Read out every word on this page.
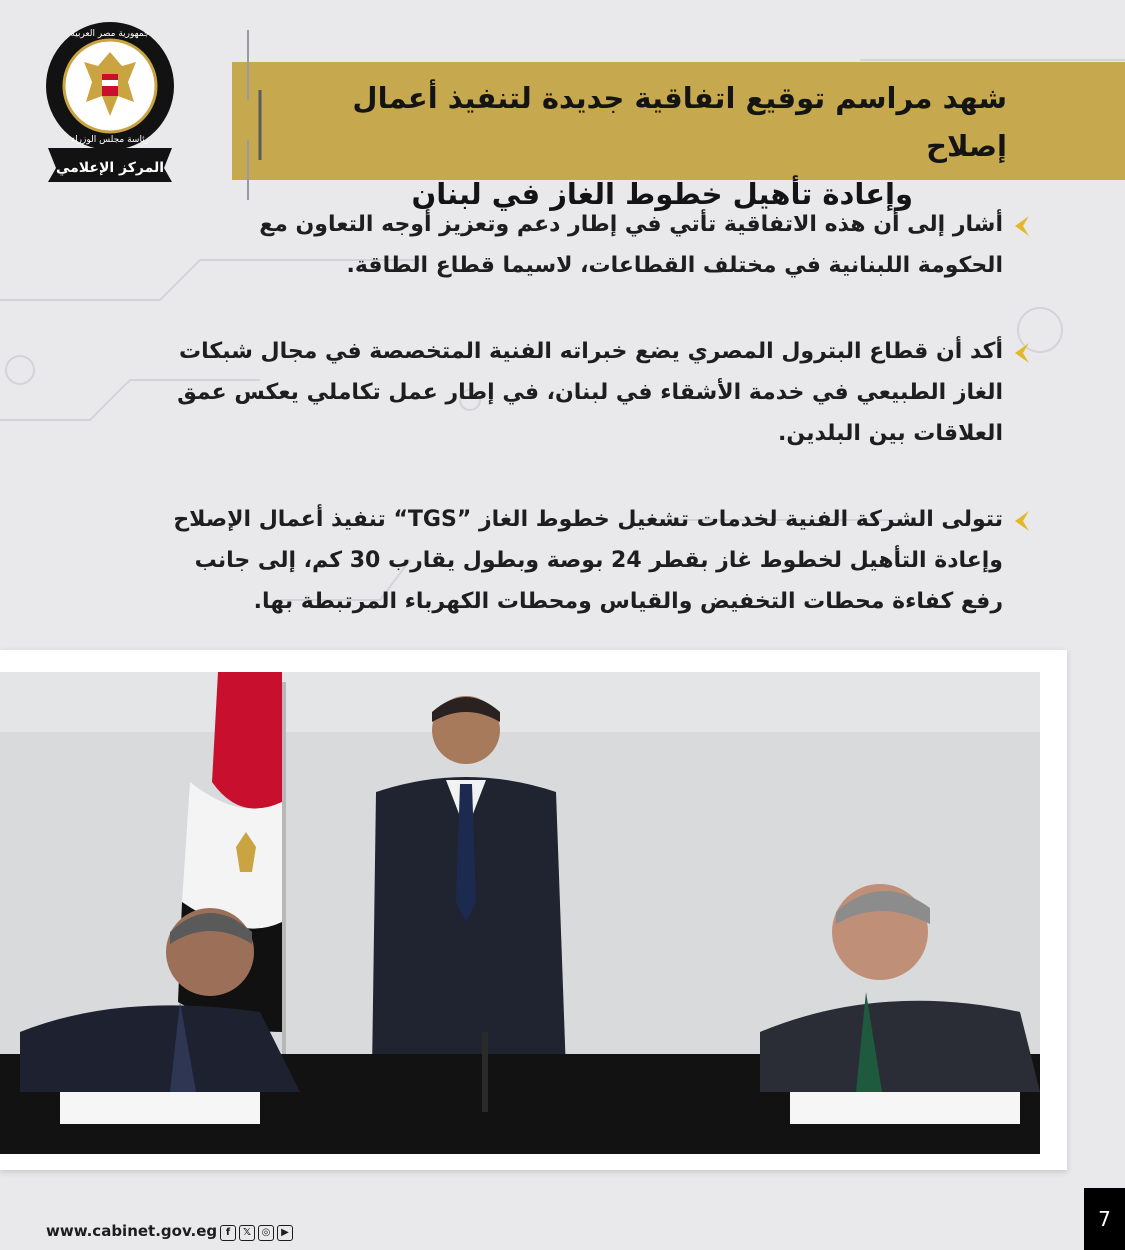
جمهورية مصر العربية
رئاسة مجلس الوزراء
المركز الإعلامي
شهد مراسم توقيع اتفاقية جديدة لتنفيذ أعمال إصلاح
وإعادة تأهيل خطوط الغاز في لبنان
أشار إلى أن هذه الاتفاقية تأتي في إطار دعم وتعزيز أوجه التعاون مع الحكومة اللبنانية في مختلف القطاعات، لاسيما قطاع الطاقة.
أكد أن قطاع البترول المصري يضع خبراته الفنية المتخصصة في مجال شبكات الغاز الطبيعي في خدمة الأشقاء في لبنان، في إطار عمل تكاملي يعكس عمق العلاقات بين البلدين.
تتولى الشركة الفنية لخدمات تشغيل خطوط الغاز ”TGS“ تنفيذ أعمال الإصلاح وإعادة التأهيل لخطوط غاز بقطر 24 بوصة وبطول يقارب 30 كم، إلى جانب رفع كفاءة محطات التخفيض والقياس ومحطات الكهرباء المرتبطة بها.
7
www.cabinet.gov.eg f	𝕏	◎	▶
